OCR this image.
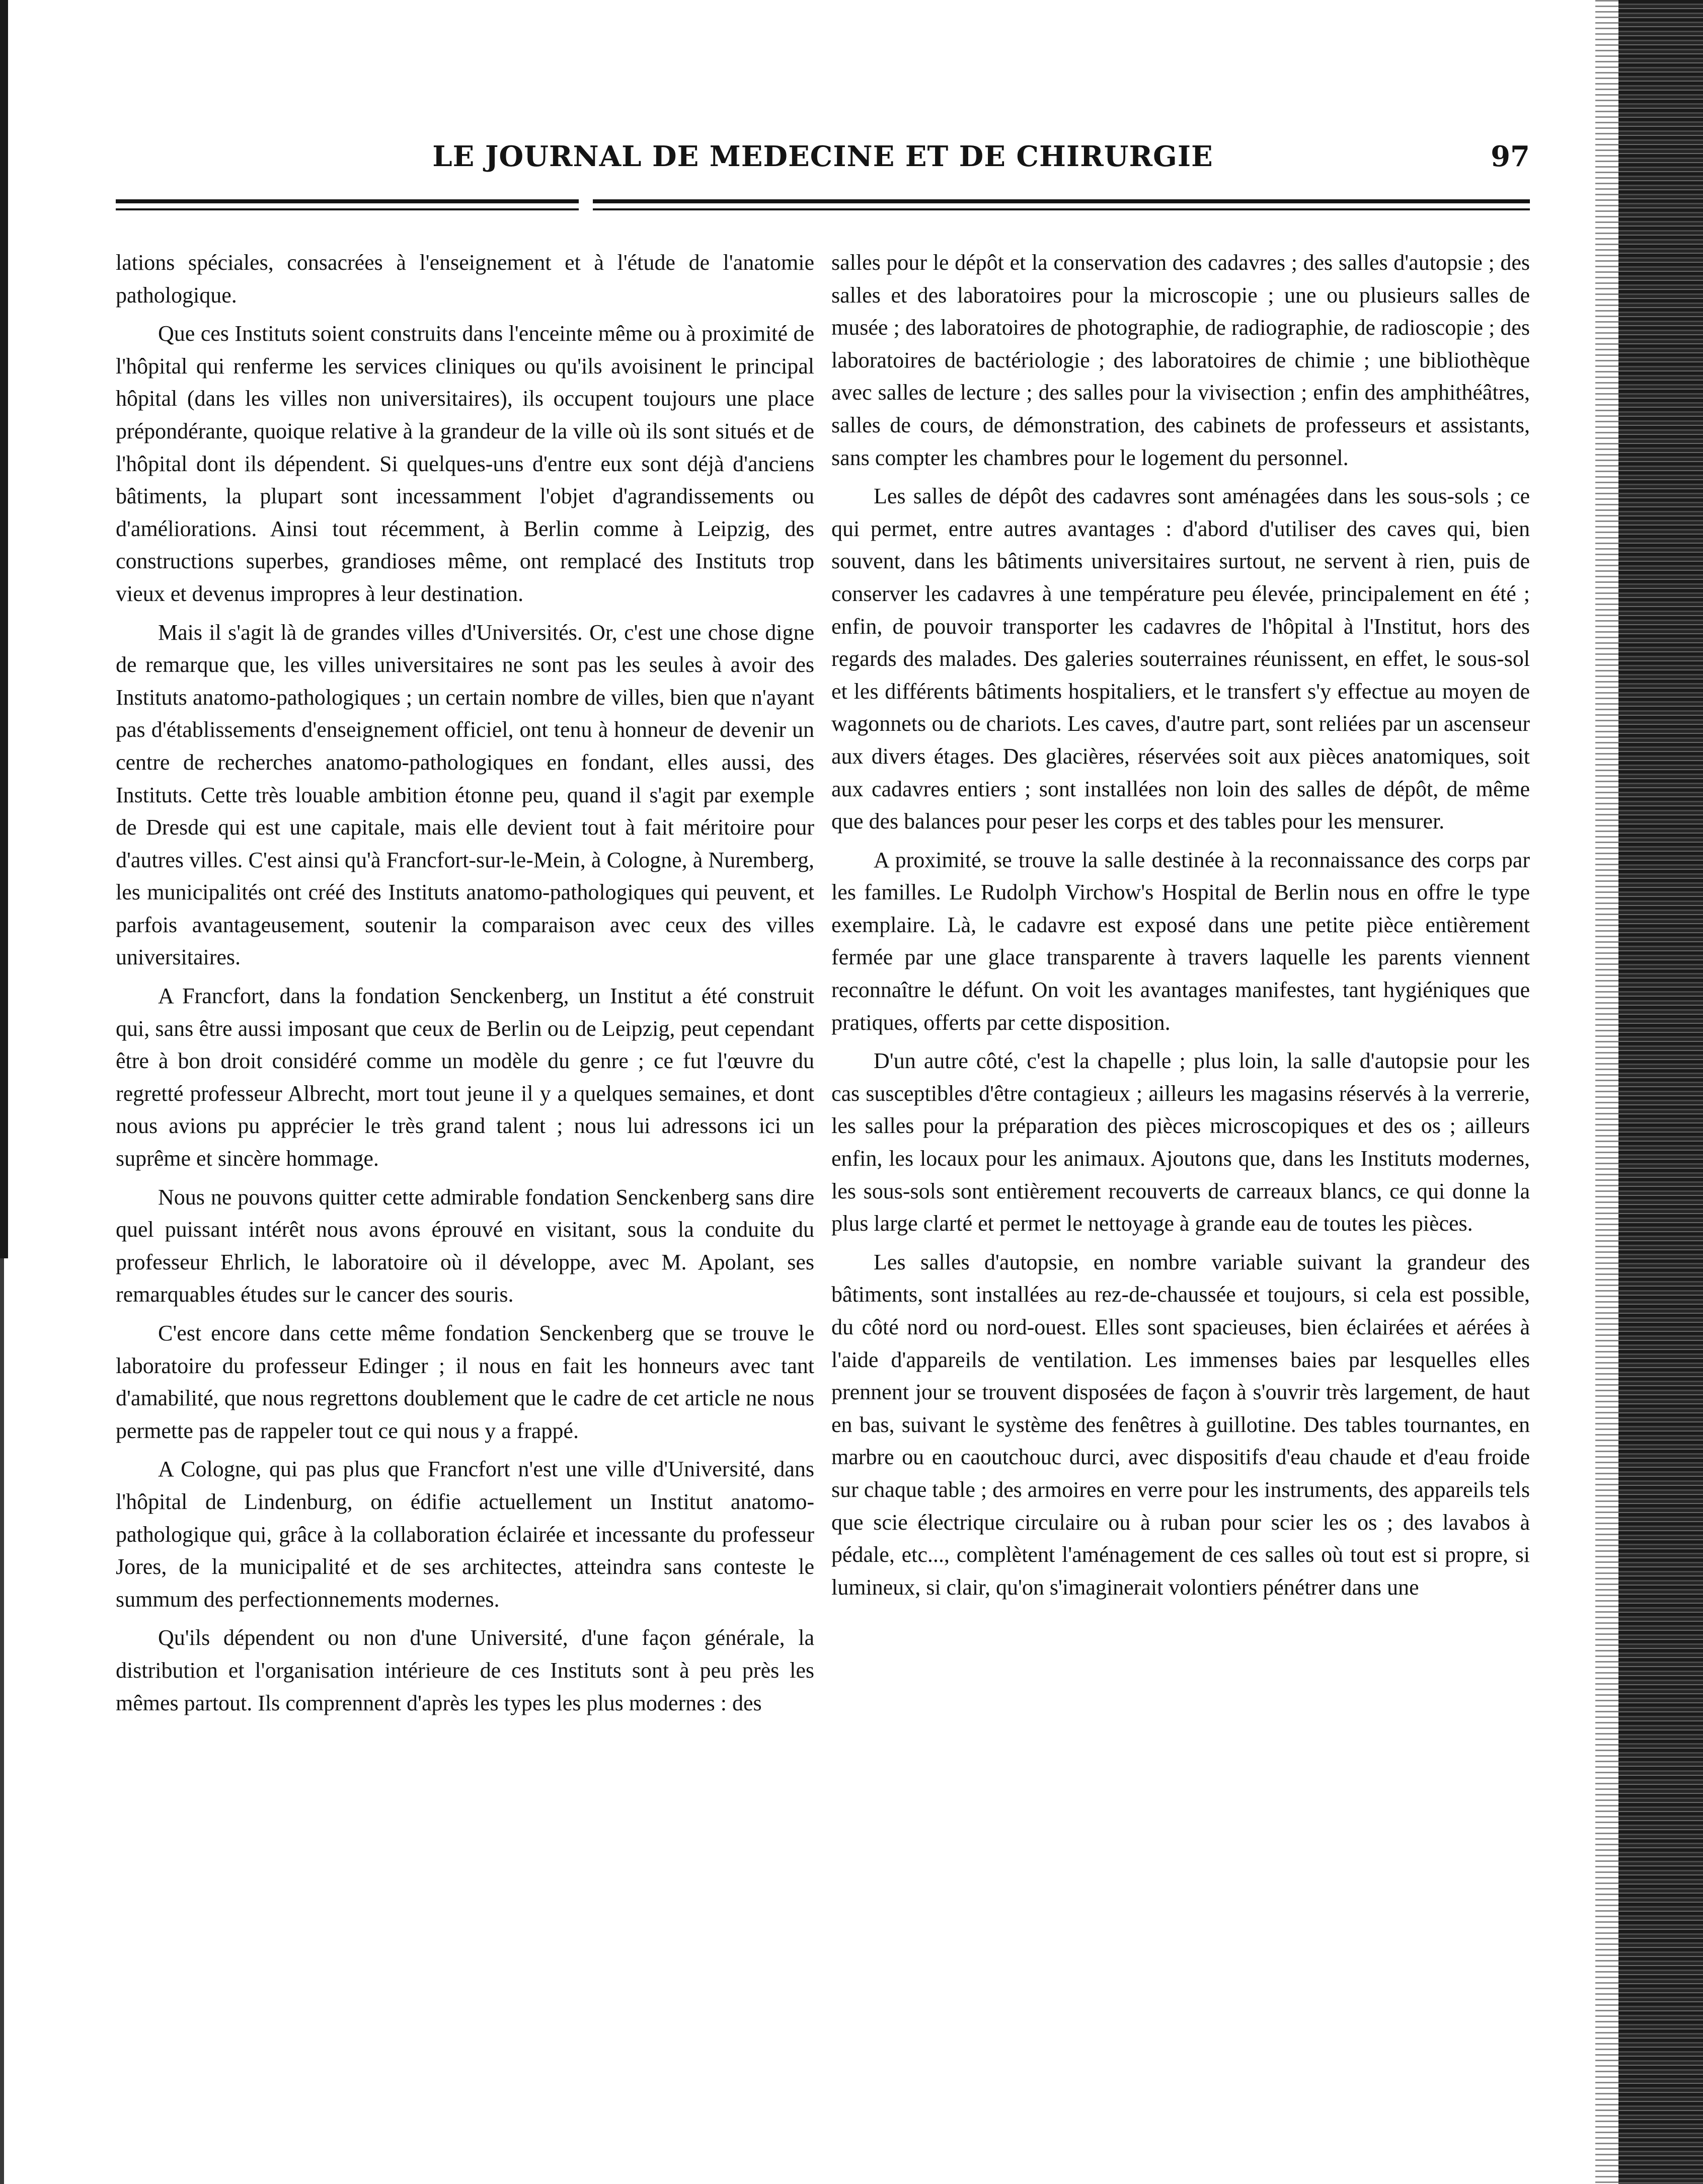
LE JOURNAL DE MEDECINE ET DE CHIRURGIE	97

lations spéciales, consacrées à l'enseignement et à l'étude de l'anatomie pathologique.

Que ces Instituts soient construits dans l'enceinte même ou à proximité de l'hôpital qui renferme les services cliniques ou qu'ils avoisinent le principal hôpital (dans les villes non universitaires), ils occupent toujours une place prépondérante, quoique relative à la grandeur de la ville où ils sont situés et de l'hôpital dont ils dépendent. Si quelques-uns d'entre eux sont déjà d'anciens bâtiments, la plupart sont incessamment l'objet d'agrandissements ou d'améliorations. Ainsi tout récemment, à Berlin comme à Leipzig, des constructions superbes, grandioses même, ont remplacé des Instituts trop vieux et devenus impropres à leur destination.

Mais il s'agit là de grandes villes d'Universités. Or, c'est une chose digne de remarque que, les villes universitaires ne sont pas les seules à avoir des Instituts anatomo-pathologiques ; un certain nombre de villes, bien que n'ayant pas d'établissements d'enseignement officiel, ont tenu à honneur de devenir un centre de recherches anatomo-pathologiques en fondant, elles aussi, des Instituts. Cette très louable ambition étonne peu, quand il s'agit par exemple de Dresde qui est une capitale, mais elle devient tout à fait méritoire pour d'autres villes. C'est ainsi qu'à Francfort-sur-le-Mein, à Cologne, à Nuremberg, les municipalités ont créé des Instituts anatomo-pathologiques qui peuvent, et parfois avantageusement, soutenir la comparaison avec ceux des villes universitaires.

A Francfort, dans la fondation Senckenberg, un Institut a été construit qui, sans être aussi imposant que ceux de Berlin ou de Leipzig, peut cependant être à bon droit considéré comme un modèle du genre ; ce fut l'œuvre du regretté professeur Albrecht, mort tout jeune il y a quelques semaines, et dont nous avions pu apprécier le très grand talent ; nous lui adressons ici un suprême et sincère hommage.

Nous ne pouvons quitter cette admirable fondation Senckenberg sans dire quel puissant intérêt nous avons éprouvé en visitant, sous la conduite du professeur Ehrlich, le laboratoire où il développe, avec M. Apolant, ses remarquables études sur le cancer des souris.

C'est encore dans cette même fondation Senckenberg que se trouve le laboratoire du professeur Edinger ; il nous en fait les honneurs avec tant d'amabilité, que nous regrettons doublement que le cadre de cet article ne nous permette pas de rappeler tout ce qui nous y a frappé.

A Cologne, qui pas plus que Francfort n'est une ville d'Université, dans l'hôpital de Lindenburg, on édifie actuellement un Institut anatomo-pathologique qui, grâce à la collaboration éclairée et incessante du professeur Jores, de la municipalité et de ses architectes, atteindra sans conteste le summum des perfectionnements modernes.

Qu'ils dépendent ou non d'une Université, d'une façon générale, la distribution et l'organisation intérieure de ces Instituts sont à peu près les mêmes partout. Ils comprennent d'après les types les plus modernes : des

salles pour le dépôt et la conservation des cadavres ; des salles d'autopsie ; des salles et des laboratoires pour la microscopie ; une ou plusieurs salles de musée ; des laboratoires de photographie, de radiographie, de radioscopie ; des laboratoires de bactériologie ; des laboratoires de chimie ; une bibliothèque avec salles de lecture ; des salles pour la vivisection ; enfin des amphithéâtres, salles de cours, de démonstration, des cabinets de professeurs et assistants, sans compter les chambres pour le logement du personnel.

Les salles de dépôt des cadavres sont aménagées dans les sous-sols ; ce qui permet, entre autres avantages : d'abord d'utiliser des caves qui, bien souvent, dans les bâtiments universitaires surtout, ne servent à rien, puis de conserver les cadavres à une température peu élevée, principalement en été ; enfin, de pouvoir transporter les cadavres de l'hôpital à l'Institut, hors des regards des malades. Des galeries souterraines réunissent, en effet, le sous-sol et les différents bâtiments hospitaliers, et le transfert s'y effectue au moyen de wagonnets ou de chariots. Les caves, d'autre part, sont reliées par un ascenseur aux divers étages. Des glacières, réservées soit aux pièces anatomiques, soit aux cadavres entiers ; sont installées non loin des salles de dépôt, de même que des balances pour peser les corps et des tables pour les mensurer.

A proximité, se trouve la salle destinée à la reconnaissance des corps par les familles. Le Rudolph Virchow's Hospital de Berlin nous en offre le type exemplaire. Là, le cadavre est exposé dans une petite pièce entièrement fermée par une glace transparente à travers laquelle les parents viennent reconnaître le défunt. On voit les avantages manifestes, tant hygiéniques que pratiques, offerts par cette disposition.

D'un autre côté, c'est la chapelle ; plus loin, la salle d'autopsie pour les cas susceptibles d'être contagieux ; ailleurs les magasins réservés à la verrerie, les salles pour la préparation des pièces microscopiques et des os ; ailleurs enfin, les locaux pour les animaux. Ajoutons que, dans les Instituts modernes, les sous-sols sont entièrement recouverts de carreaux blancs, ce qui donne la plus large clarté et permet le nettoyage à grande eau de toutes les pièces.

Les salles d'autopsie, en nombre variable suivant la grandeur des bâtiments, sont installées au rez-de-chaussée et toujours, si cela est possible, du côté nord ou nord-ouest. Elles sont spacieuses, bien éclairées et aérées à l'aide d'appareils de ventilation. Les immenses baies par lesquelles elles prennent jour se trouvent disposées de façon à s'ouvrir très largement, de haut en bas, suivant le système des fenêtres à guillotine. Des tables tournantes, en marbre ou en caoutchouc durci, avec dispositifs d'eau chaude et d'eau froide sur chaque table ; des armoires en verre pour les instruments, des appareils tels que scie électrique circulaire ou à ruban pour scier les os ; des lavabos à pédale, etc..., complètent l'aménagement de ces salles où tout est si propre, si lumineux, si clair, qu'on s'imaginerait volontiers pénétrer dans une
